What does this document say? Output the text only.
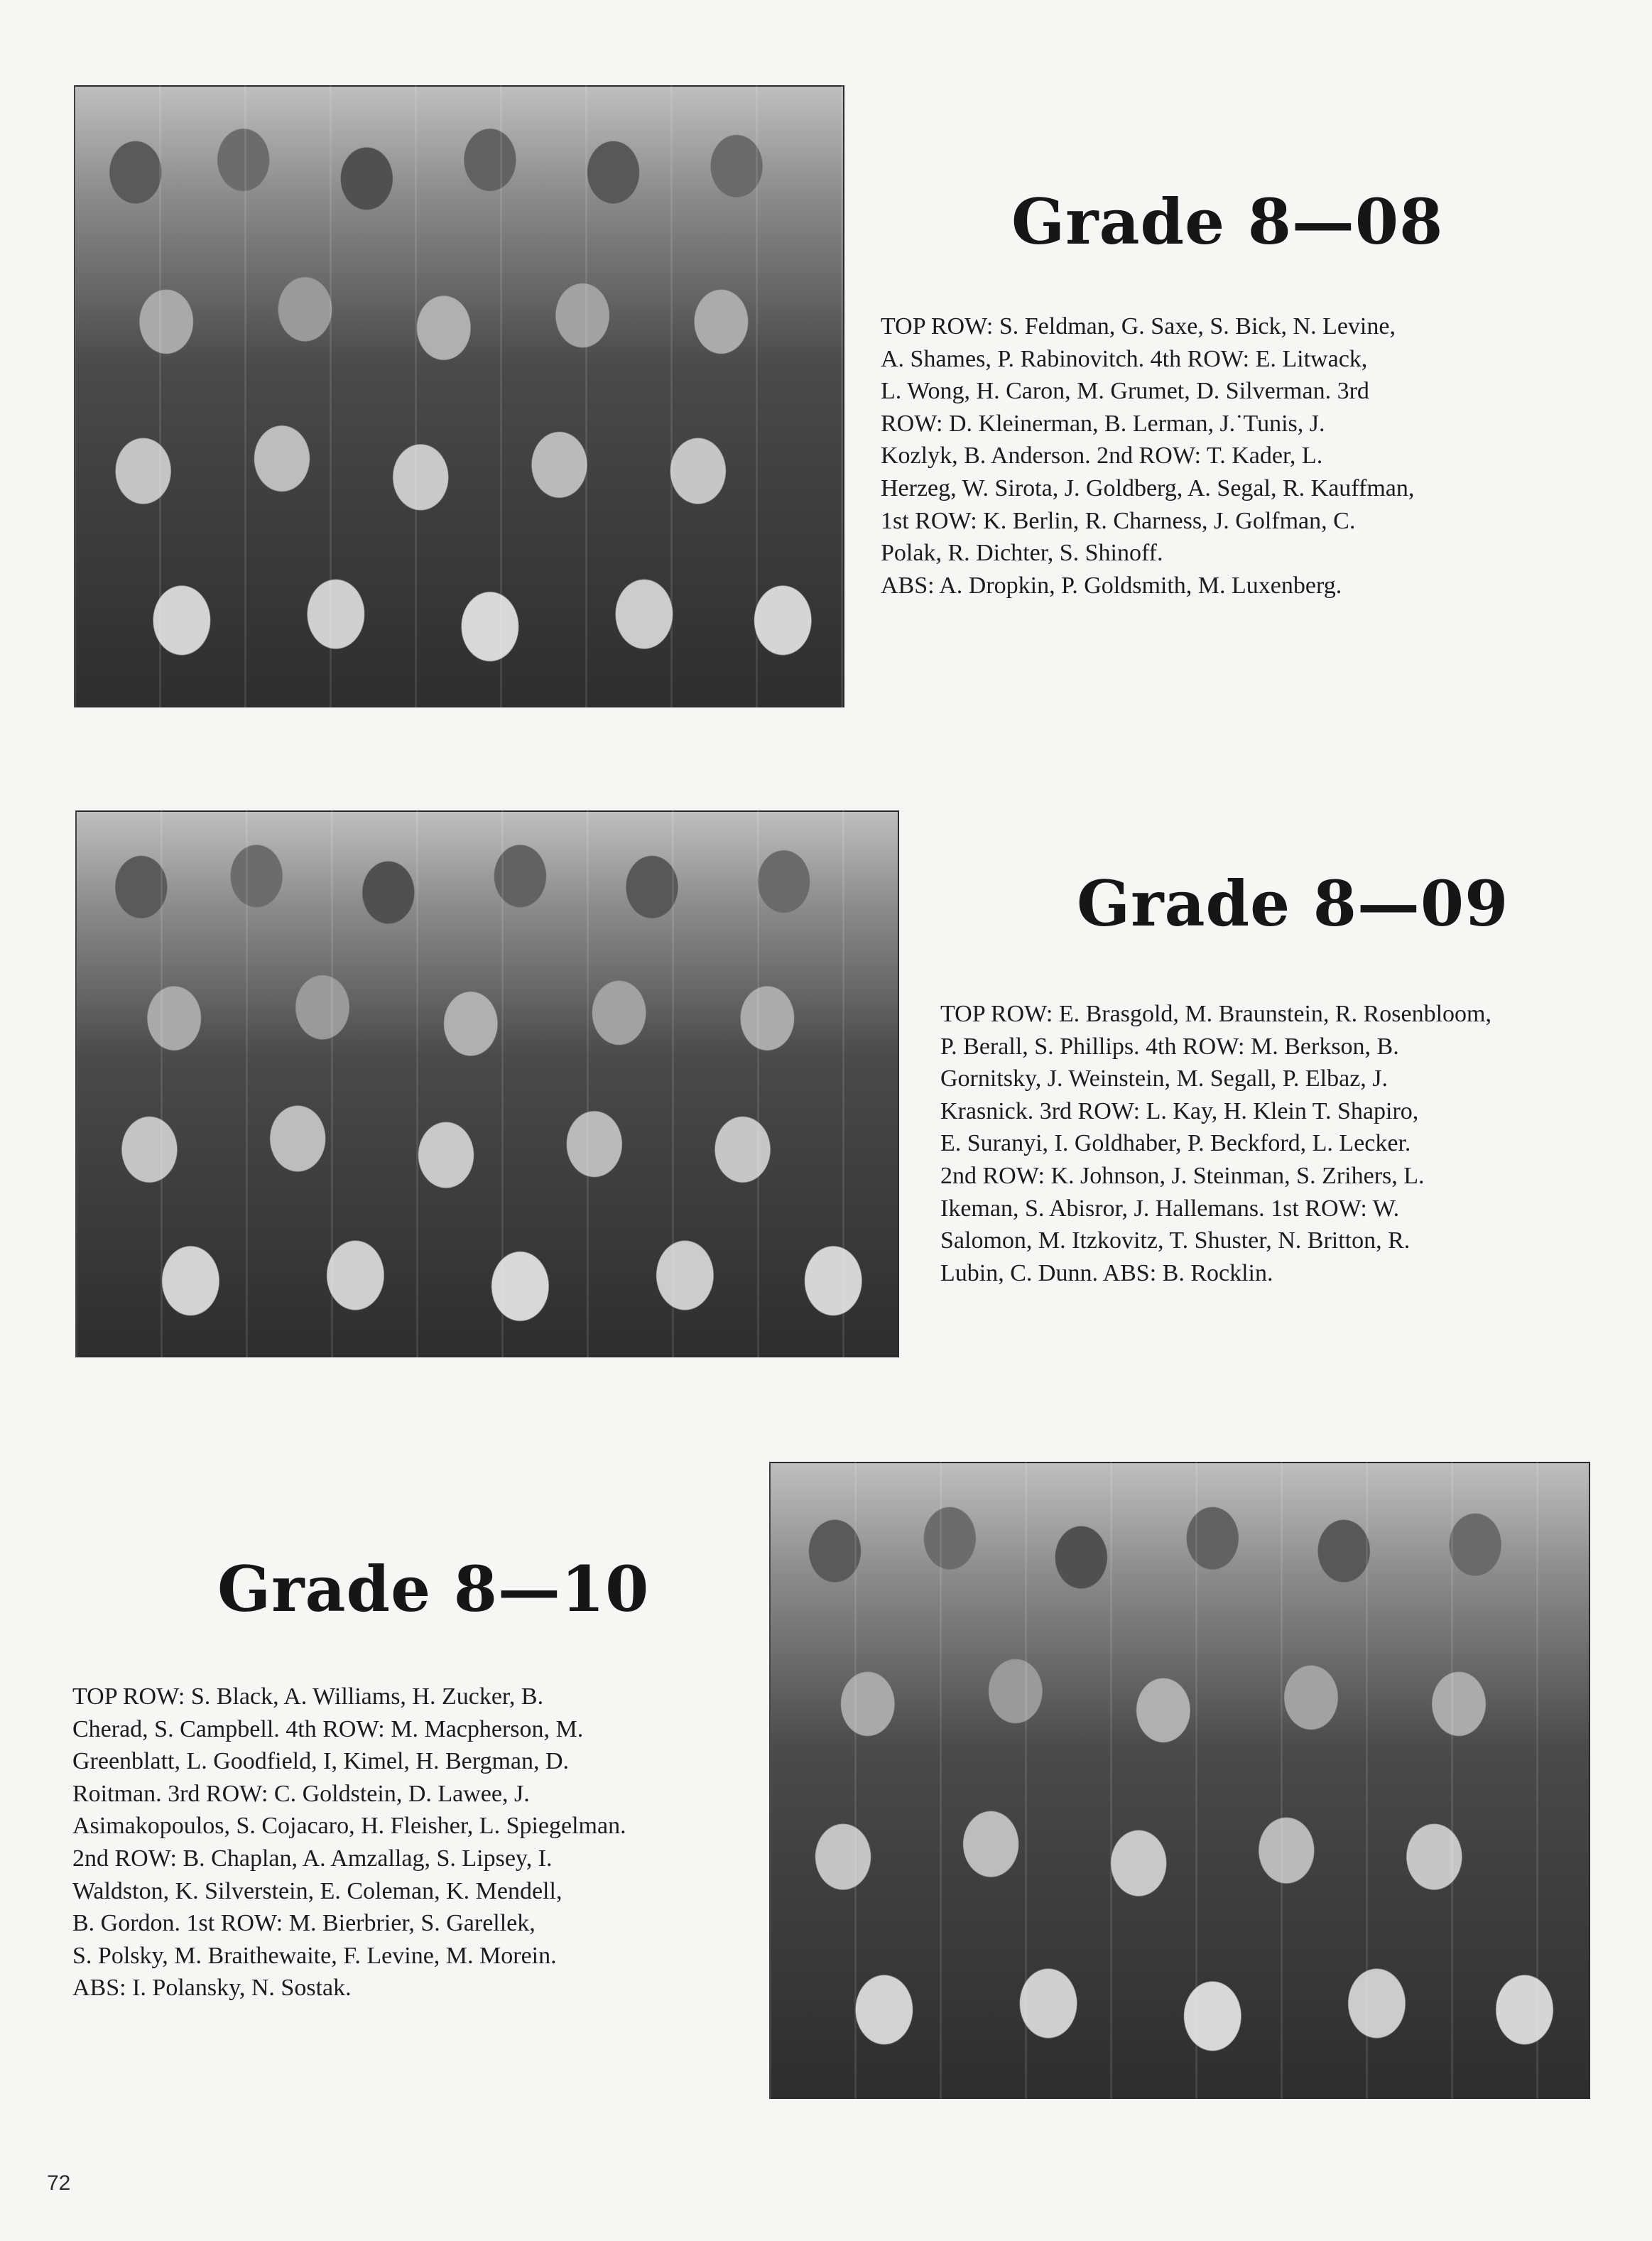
Grade 8—08
TOP ROW: S. Feldman, G. Saxe, S. Bick, N. Levine,
A. Shames, P. Rabinovitch. 4th ROW: E. Litwack,
L. Wong, H. Caron, M. Grumet, D. Silverman. 3rd
ROW: D. Kleinerman, B. Lerman, J.˙Tunis, J.
Kozlyk, B. Anderson. 2nd ROW: T. Kader, L.
Herzeg, W. Sirota, J. Goldberg, A. Segal, R. Kauffman,
1st ROW: K. Berlin, R. Charness, J. Golfman, C.
Polak, R. Dichter, S. Shinoff.
ABS: A. Dropkin, P. Goldsmith, M. Luxenberg.
Grade 8—09
TOP ROW: E. Brasgold, M. Braunstein, R. Rosenbloom,
P. Berall, S. Phillips. 4th ROW: M. Berkson, B.
Gornitsky, J. Weinstein, M. Segall, P. Elbaz, J.
Krasnick. 3rd ROW: L. Kay, H. Klein T. Shapiro,
E. Suranyi, I. Goldhaber, P. Beckford, L. Lecker.
2nd ROW: K. Johnson, J. Steinman, S. Zrihers, L.
Ikeman, S. Abisror, J. Hallemans. 1st ROW: W.
Salomon, M. Itzkovitz, T. Shuster, N. Britton, R.
Lubin, C. Dunn. ABS: B. Rocklin.
Grade 8—10
TOP ROW: S. Black, A. Williams, H. Zucker, B.
Cherad, S. Campbell. 4th ROW: M. Macpherson, M.
Greenblatt, L. Goodfield, I, Kimel, H. Bergman, D.
Roitman. 3rd ROW: C. Goldstein, D. Lawee, J.
Asimakopoulos, S. Cojacaro, H. Fleisher, L. Spiegelman.
2nd ROW: B. Chaplan, A. Amzallag, S. Lipsey, I.
Waldston, K. Silverstein, E. Coleman, K. Mendell,
B. Gordon. 1st ROW: M. Bierbrier, S. Garellek,
S. Polsky, M. Braithewaite, F. Levine, M. Morein.
ABS: I. Polansky, N. Sostak.
72
